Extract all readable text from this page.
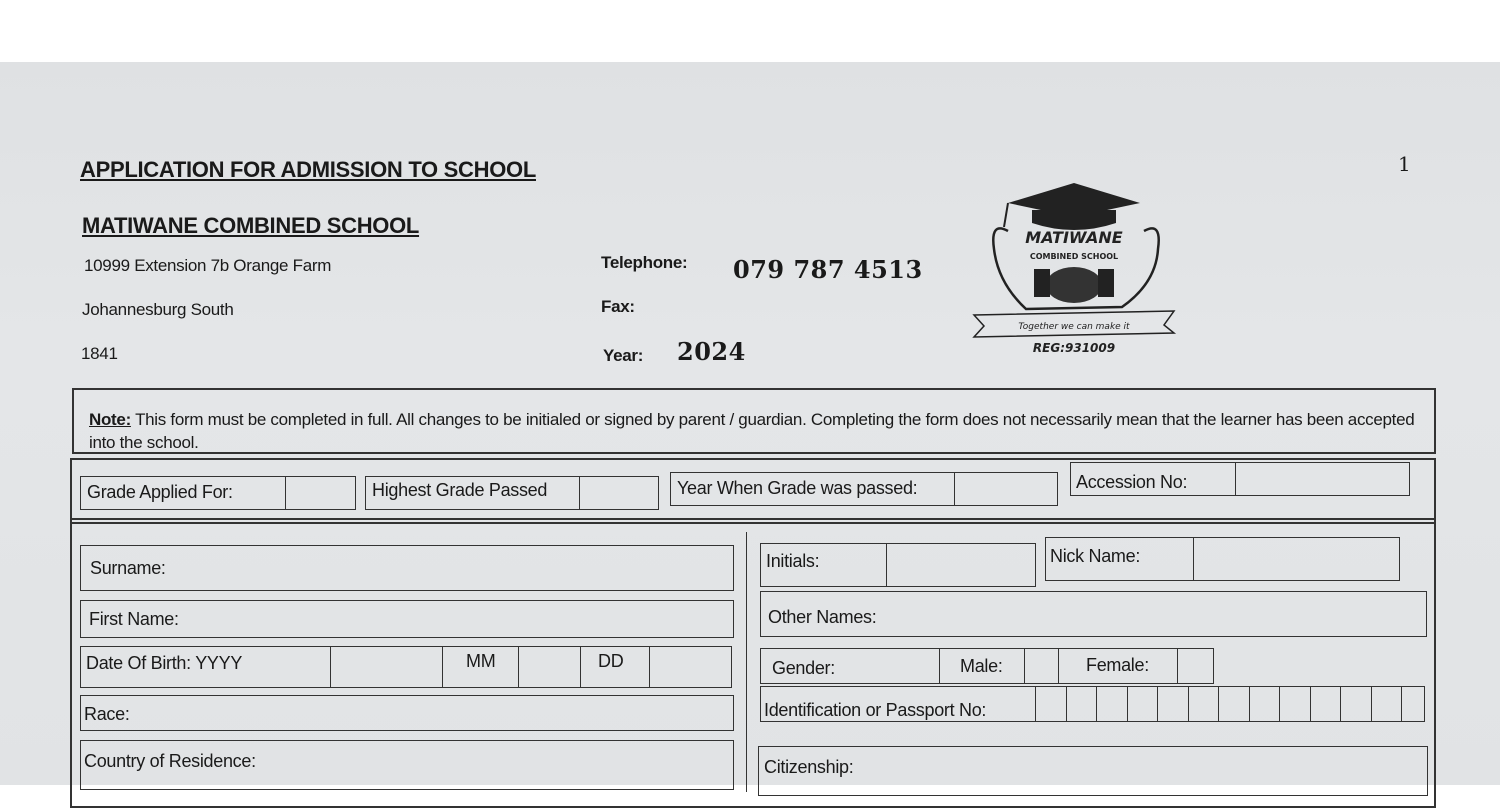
1
APPLICATION FOR ADMISSION TO SCHOOL
MATIWANE COMBINED SCHOOL
10999 Extension 7b Orange Farm
Johannesburg South
1841
Telephone: 079 787 4513
Fax:
Year: 2024
MATIWANE
COMBINED SCHOOL
Together we can make it
REG:931009
Note: This form must be completed in full. All changes to be initialed or signed by parent / guardian. Completing the form does not necessarily mean that the learner has been accepted into the school.
Grade Applied For:	Highest Grade Passed	Year When Grade was passed:	Accession No:
Surname:
First Name:
Date Of Birth: YYYY	MM	DD
Race:
Country of Residence:
Initials:	Nick Name:
Other Names:
Gender:	Male:	Female:
Identification or Passport No:
Citizenship:
